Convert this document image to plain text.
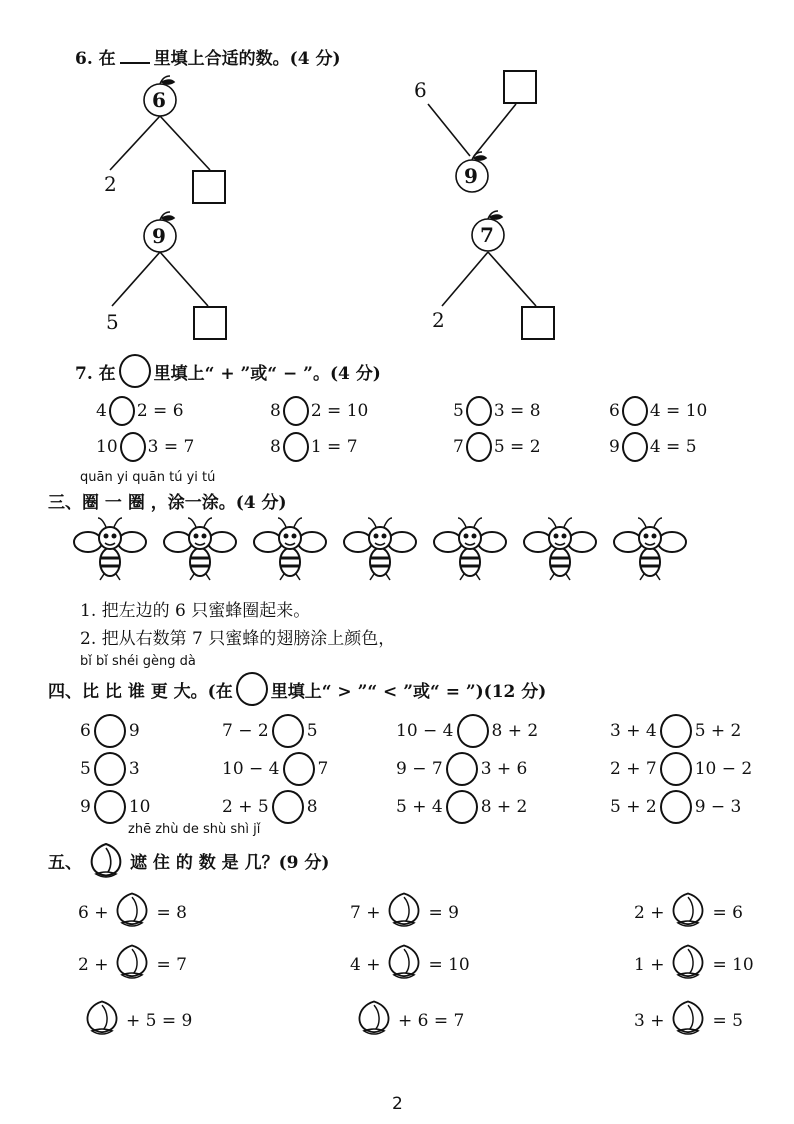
6. 在 里填上合适的数。(4 分)
6
2
6
9
9
5
7
2
7. 在 里填上“ + ”或“ − ”。(4 分)
4 2 = 6	8 2 = 10	5 3 = 8	6 4 = 10
10 3 = 7	8 1 = 7	7 5 = 2	9 4 = 5
quān yi quān tú yi tú
三、圈 一 圈 ，涂一涂。(4 分)
1. 把左边的 6 只蜜蜂圈起来。
2. 把从右数第 7 只蜜蜂的翅膀涂上颜色，
bǐ bǐ shéi gèng dà
四、比 比 谁 更 大。(在 里填上“ > ”“ < ”或“ = ”)(12 分)
6 9	7 − 2 5	10 − 4 8 + 2	3 + 4 5 + 2
5 3	10 − 4 7	9 − 7 3 + 6	2 + 7 10 − 2
9 10	2 + 5 8	5 + 4 8 + 2	5 + 2 9 − 3
zhē zhù de shù shì jǐ
五、	遮 住 的 数 是 几？(9 分)
6 +	= 8	7 +	= 9	2 +	= 6
2 +	= 7	4 +	= 10	1 +	= 10
+ 5 = 9	+ 6 = 7	3 +	= 5
2
